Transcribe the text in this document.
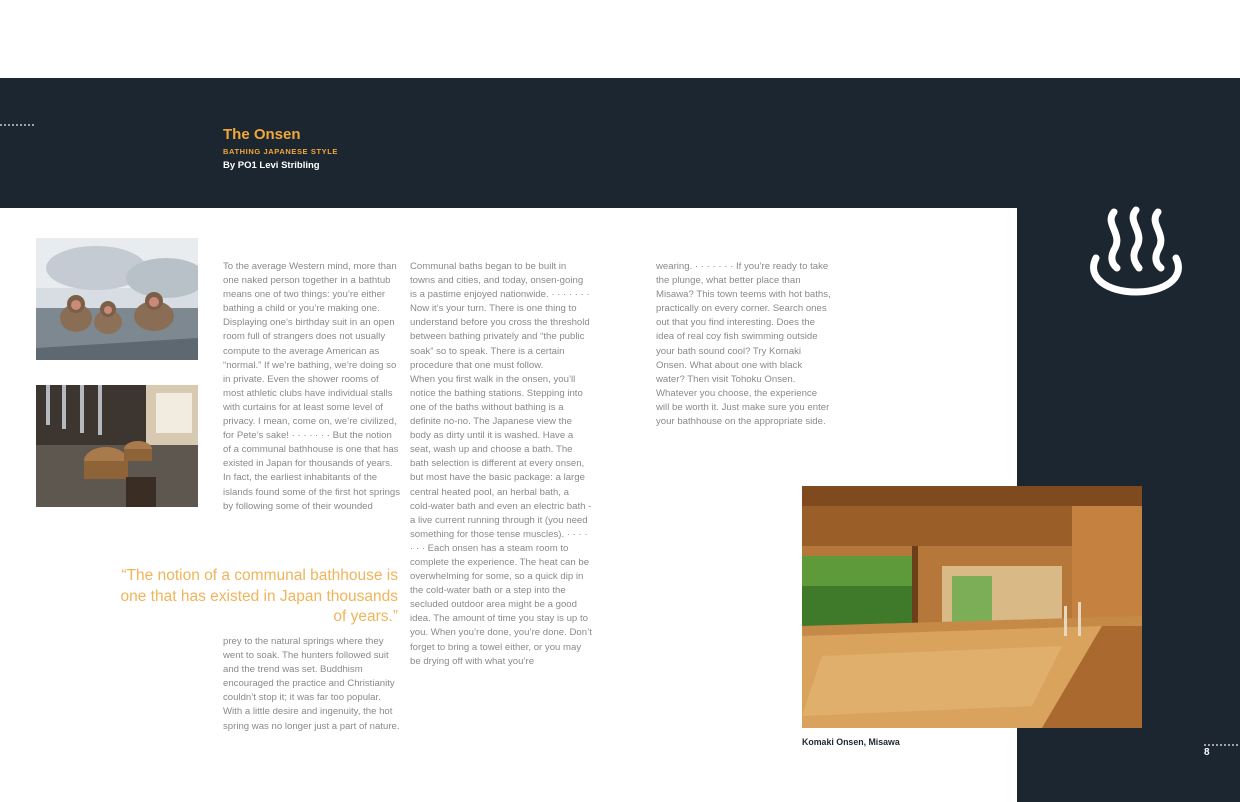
The Onsen
BATHING JAPANESE STYLE
By PO1 Levi Stribling

To the average Western mind, more than one naked person together in a bathtub means one of two things: you’re either bathing a child or you’re making one. Displaying one’s birthday suit in an open room full of strangers does not usually compute to the average American as “normal.” If we’re bathing, we’re doing so in private. Even the shower rooms of most athletic clubs have individual stalls with curtains for at least some level of privacy. I mean, come on, we’re civilized, for Pete’s sake! · · · · · · · But the notion of a communal bathhouse is one that has existed in Japan for thousands of years. In fact, the earliest inhabitants of the islands found some of the first hot springs by following some of their wounded

“The notion of a communal bathhouse is one that has existed in Japan thousands of years.”

prey to the natural springs where they went to soak. The hunters followed suit and the trend was set. Buddhism encouraged the practice and Christianity couldn’t stop it; it was far too popular. With a little desire and ingenuity, the hot spring was no longer just a part of nature.

Communal baths began to be built in towns and cities, and today, onsen-going is a pastime enjoyed nationwide. · · · · · · · Now it’s your turn. There is one thing to understand before you cross the threshold between bathing privately and “the public soak” so to speak. There is a certain procedure that one must follow.

When you first walk in the onsen, you’ll notice the bathing stations. Stepping into one of the baths without bathing is a definite no-no. The Japanese view the body as dirty until it is washed. Have a seat, wash up and choose a bath. The bath selection is different at every onsen, but most have the basic package: a large central heated pool, an herbal bath, a cold-water bath and even an electric bath - a live current running through it (you need something for those tense muscles). · · · · · · · Each onsen has a steam room to complete the experience. The heat can be overwhelming for some, so a quick dip in the cold-water bath or a step into the secluded outdoor area might be a good idea. The amount of time you stay is up to you. When you’re done, you’re done. Don’t forget to bring a towel either, or you may be drying off with what you’re

wearing. · · · · · · · If you’re ready to take the plunge, what better place than Misawa? This town teems with hot baths, practically on every corner. Search ones out that you find interesting. Does the idea of real coy fish swimming outside your bath sound cool? Try Komaki Onsen. What about one with black water? Then visit Tohoku Onsen. Whatever you choose, the experience will be worth it. Just make sure you enter your bathhouse on the appropriate side.

Komaki Onsen, Misawa
8
